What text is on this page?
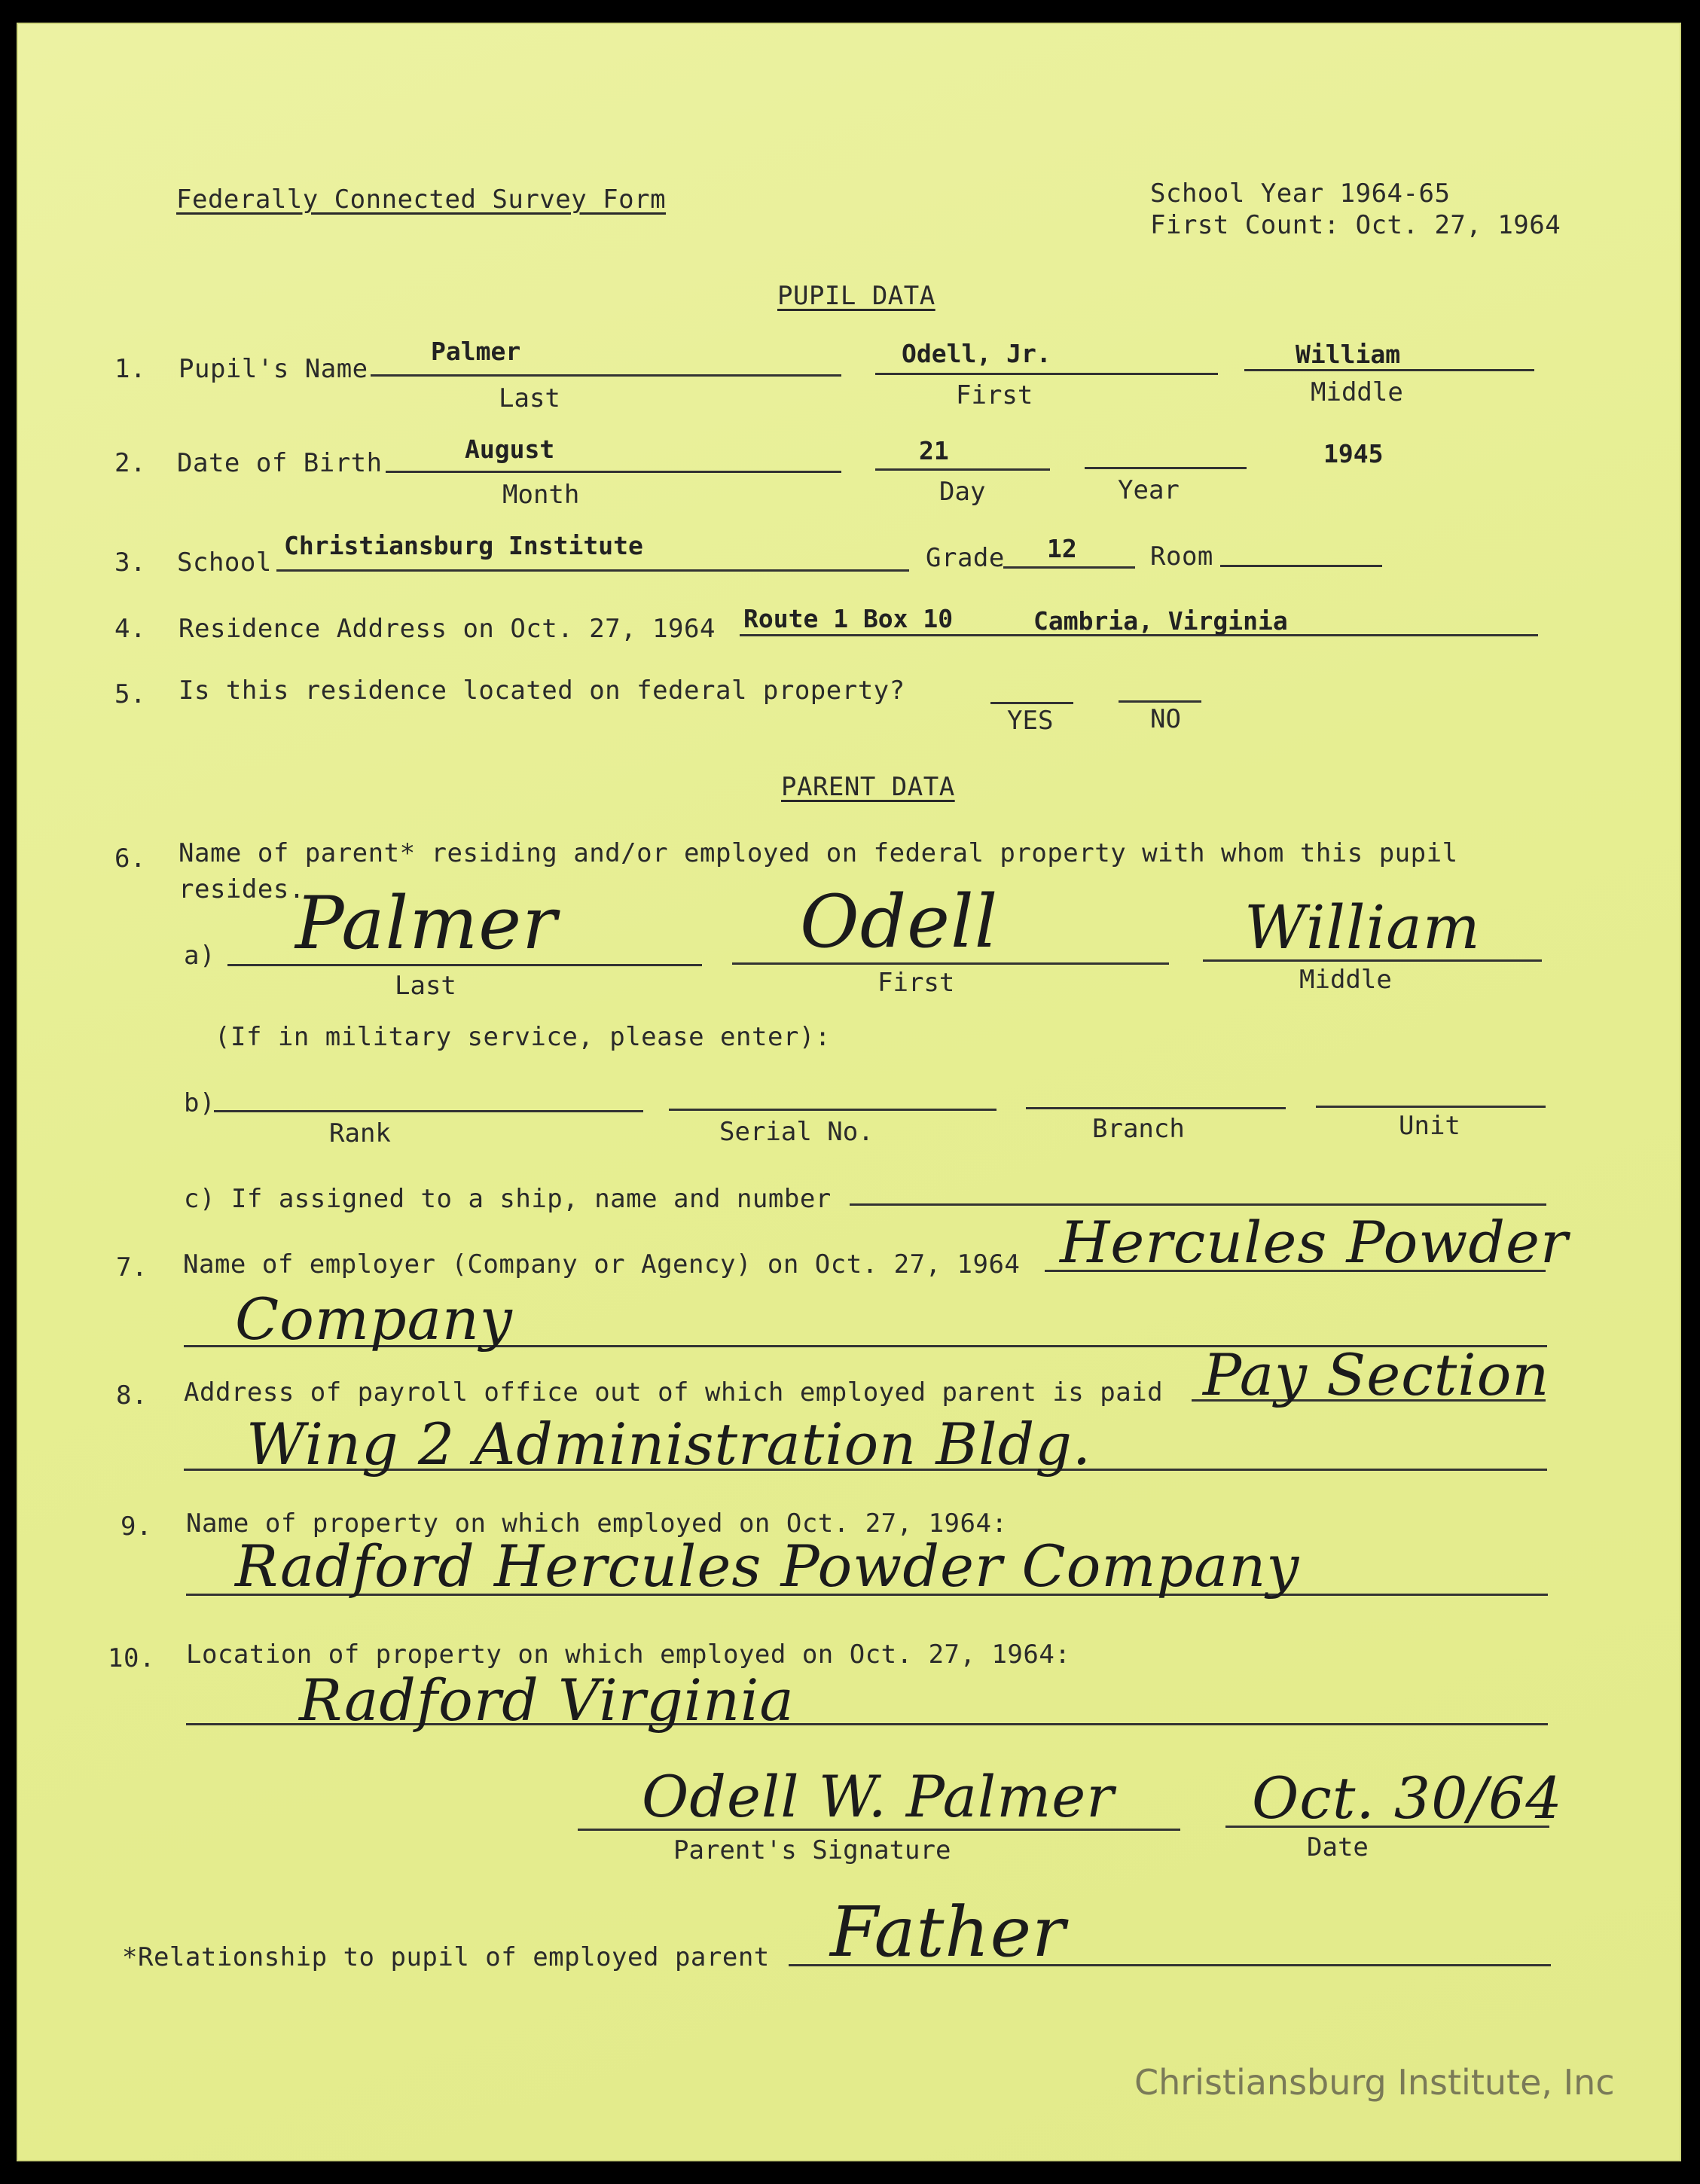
Federally Connected Survey Form	School Year 1964-65
First Count: Oct. 27, 1964
PUPIL DATA
1. Pupil's Name
Palmer
Last
Odell, Jr.
First
William
Middle
2. Date of Birth	August
Month
21
Day	Year
1945
3. School
Christiansburg Institute	Grade 12	Room
4. Residence Address on Oct. 27, 1964 Route 1 Box 10	Cambria, Virginia
5. Is this residence located on federal property?
YES	NO
PARENT DATA
6. Name of parent* residing and/or employed on federal property with whom this pupil
resides.
a) Palmer
Last
Odell
First
William
Middle
(If in military service, please enter):
b)
Rank	Serial No.	Branch	Unit
c) If assigned to a ship, name and number
7. Name of employer (Company or Agency) on Oct. 27, 1964 Hercules Powder
Company
8. Address of payroll office out of which employed parent is paid Pay Section
Wing 2 Administration Bldg.
9. Name of property on which employed on Oct. 27, 1964:
Radford Hercules Powder Company
10. Location of property on which employed on Oct. 27, 1964:
Radford Virginia
Odell W. Palmer
Parent's Signature
Oct. 30/64
Date
*Relationship to pupil of employed parent Father
Christiansburg Institute, Inc
